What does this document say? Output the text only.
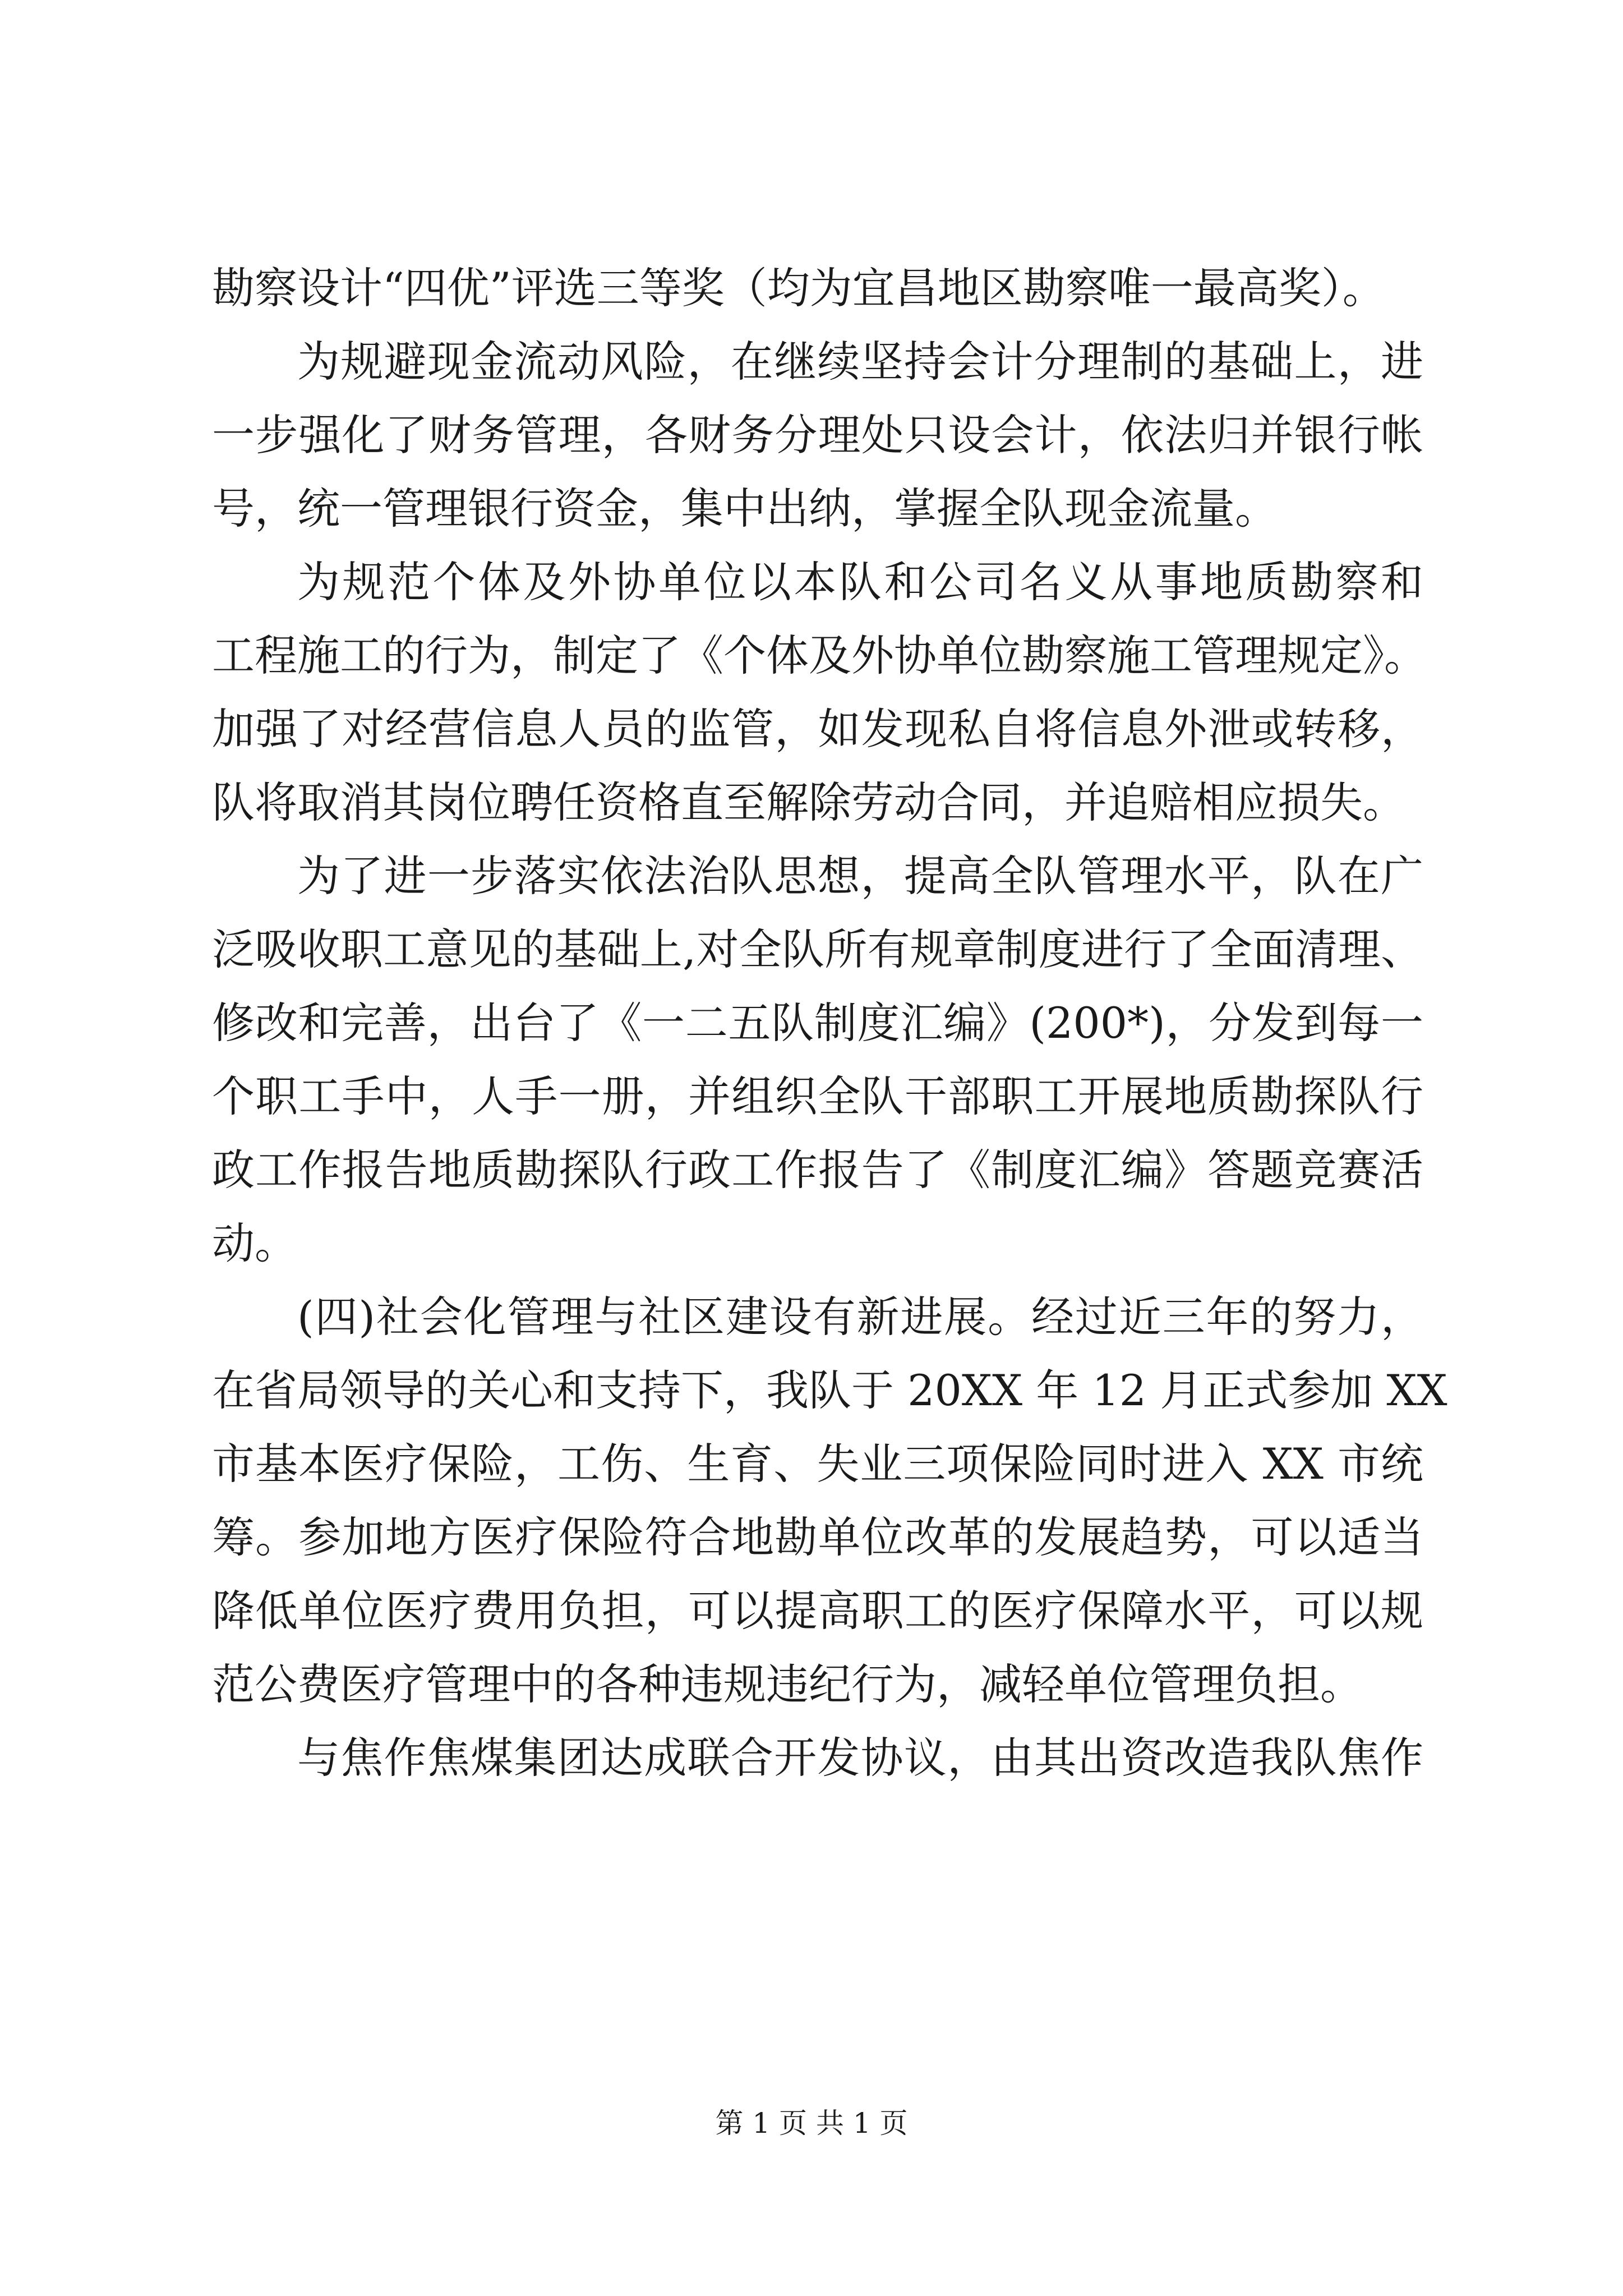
勘察设计“四优”评选三等奖（均为宜昌地区勘察唯一最高奖）。
为规避现金流动风险，在继续坚持会计分理制的基础上，进
一步强化了财务管理，各财务分理处只设会计，依法归并银行帐
号，统一管理银行资金，集中出纳，掌握全队现金流量。
为规范个体及外协单位以本队和公司名义从事地质勘察和
工程施工的行为，制定了《个体及外协单位勘察施工管理规定》。
加强了对经营信息人员的监管，如发现私自将信息外泄或转移，
队将取消其岗位聘任资格直至解除劳动合同，并追赔相应损失。
为了进一步落实依法治队思想，提高全队管理水平，队在广
泛吸收职工意见的基础上,对全队所有规章制度进行了全面清理、
修改和完善，出台了《一二五队制度汇编》(200*)，分发到每一
个职工手中，人手一册，并组织全队干部职工开展地质勘探队行
政工作报告地质勘探队行政工作报告了《制度汇编》答题竞赛活
动。
(四)社会化管理与社区建设有新进展。经过近三年的努力，
在省局领导的关心和支持下，我队于 20XX 年 12 月正式参加 XX
市基本医疗保险，工伤、生育、失业三项保险同时进入 XX 市统
筹。参加地方医疗保险符合地勘单位改革的发展趋势，可以适当
降低单位医疗费用负担，可以提高职工的医疗保障水平，可以规
范公费医疗管理中的各种违规违纪行为，减轻单位管理负担。
与焦作焦煤集团达成联合开发协议，由其出资改造我队焦作
第 1 页 共 1 页
